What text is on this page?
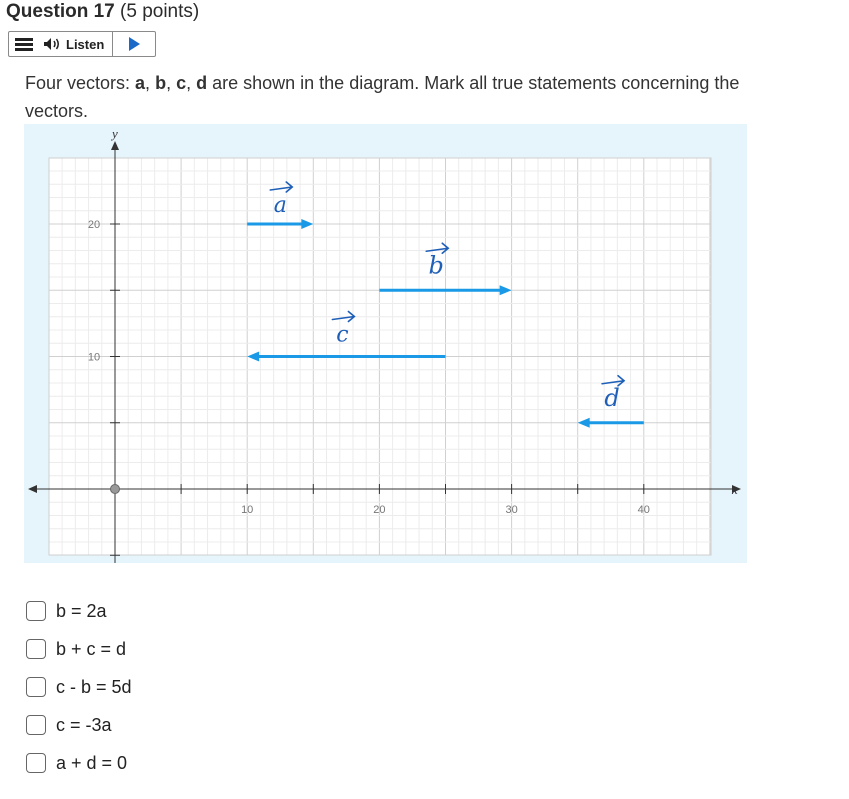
Question 17 (5 points)
Listen
Four vectors: a, b, c, d are shown in the diagram. Mark all true statements concerning the vectors.
x
y
10	20	30	40
20
10
a
b
c
d
b = 2a
b + c = d
c - b = 5d
c = -3a
a + d = 0
